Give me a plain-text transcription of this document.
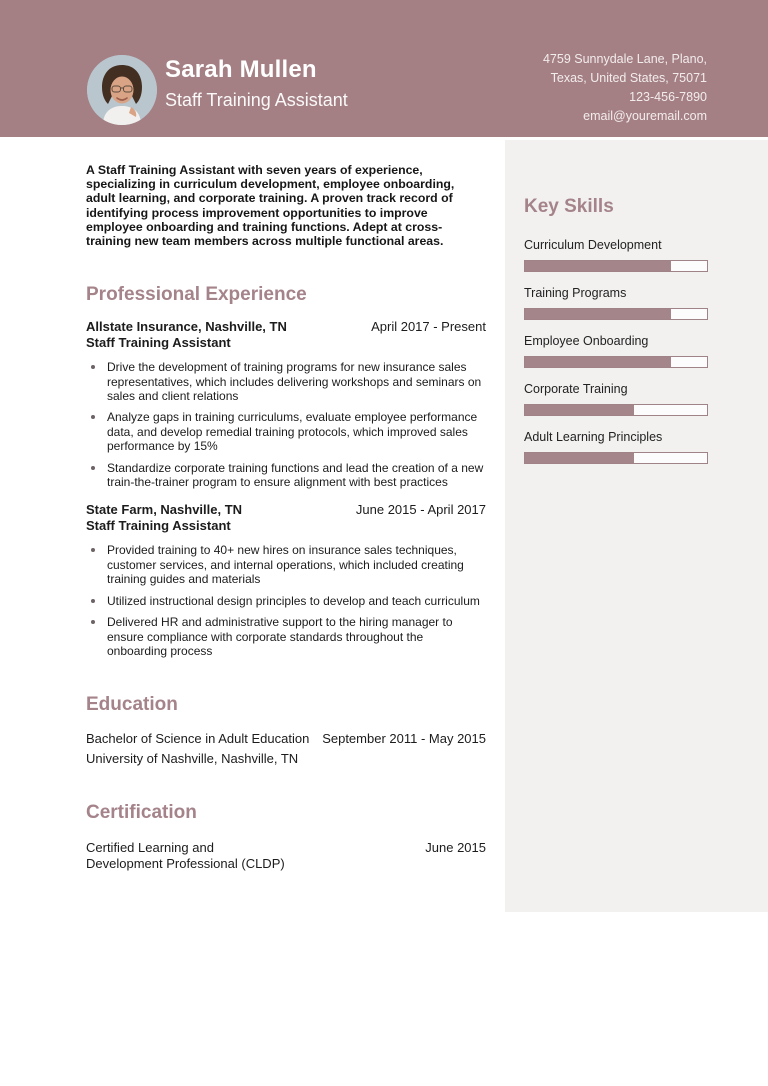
Sarah Mullen
Staff Training Assistant
4759 Sunnydale Lane, Plano,
Texas, United States, 75071
123-456-7890
email@youremail.com
Key Skills
Curriculum Development
Training Programs
Employee Onboarding
Corporate Training
Adult Learning Principles

A Staff Training Assistant with seven years of experience, specializing in curriculum development, employee onboarding, adult learning, and corporate training. A proven track record of identifying process improvement opportunities to improve employee onboarding and training functions. Adept at cross-training new team members across multiple functional areas.

Professional Experience
Allstate Insurance, Nashville, TN	April 2017 - Present
Staff Training Assistant
Drive the development of training programs for new insurance sales representatives, which includes delivering workshops and seminars on sales and client relations
Analyze gaps in training curriculums, evaluate employee performance data, and develop remedial training protocols, which improved sales performance by 15%
Standardize corporate training functions and lead the creation of a new train-the-trainer program to ensure alignment with best practices
State Farm, Nashville, TN	June 2015 - April 2017
Staff Training Assistant
Provided training to 40+ new hires on insurance sales techniques, customer services, and internal operations, which included creating training guides and materials
Utilized instructional design principles to develop and teach curriculum
Delivered HR and administrative support to the hiring manager to ensure compliance with corporate standards throughout the onboarding process
Education
Bachelor of Science in Adult Education September 2011 - May 2015
University of Nashville, Nashville, TN
Certification
Certified Learning and
Development Professional (CLDP)
June 2015
